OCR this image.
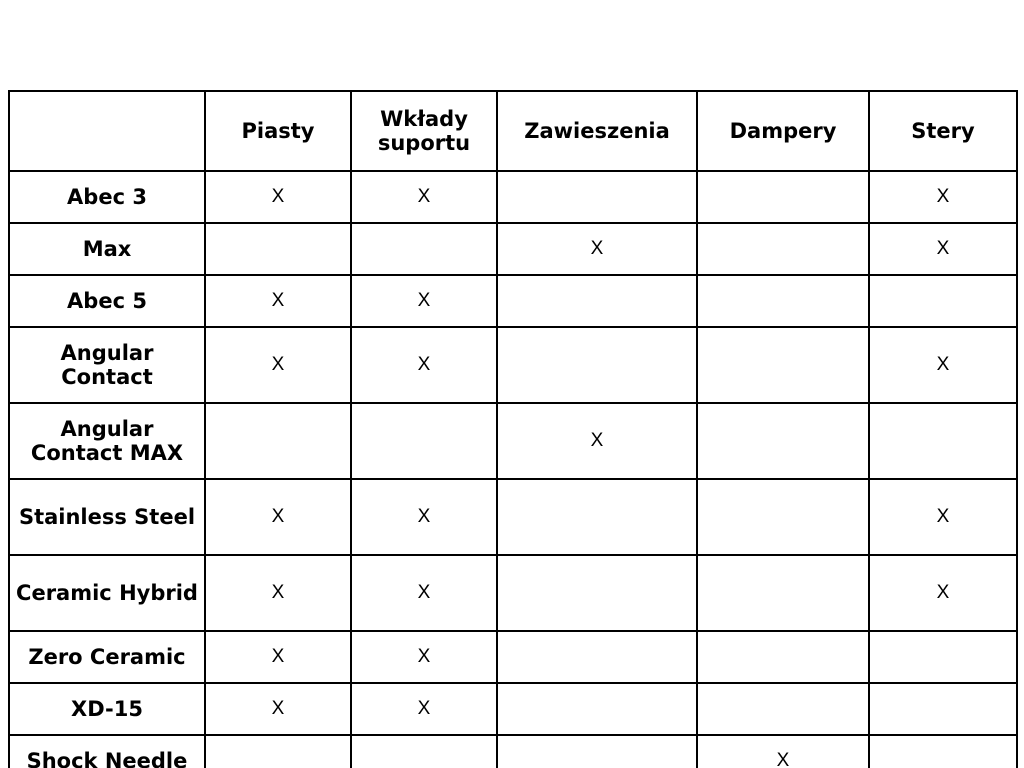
	Piasty	Wkłady suportu	Zawieszenia	Dampery	Stery
Abec 3	X	X			X
Max			X		X
Abec 5	X	X			
Angular Contact	X	X			X
Angular Contact MAX			X		
Stainless Steel	X	X			X
Ceramic Hybrid	X	X			X
Zero Ceramic	X	X			
XD-15	X	X			
Shock Needle				X	
